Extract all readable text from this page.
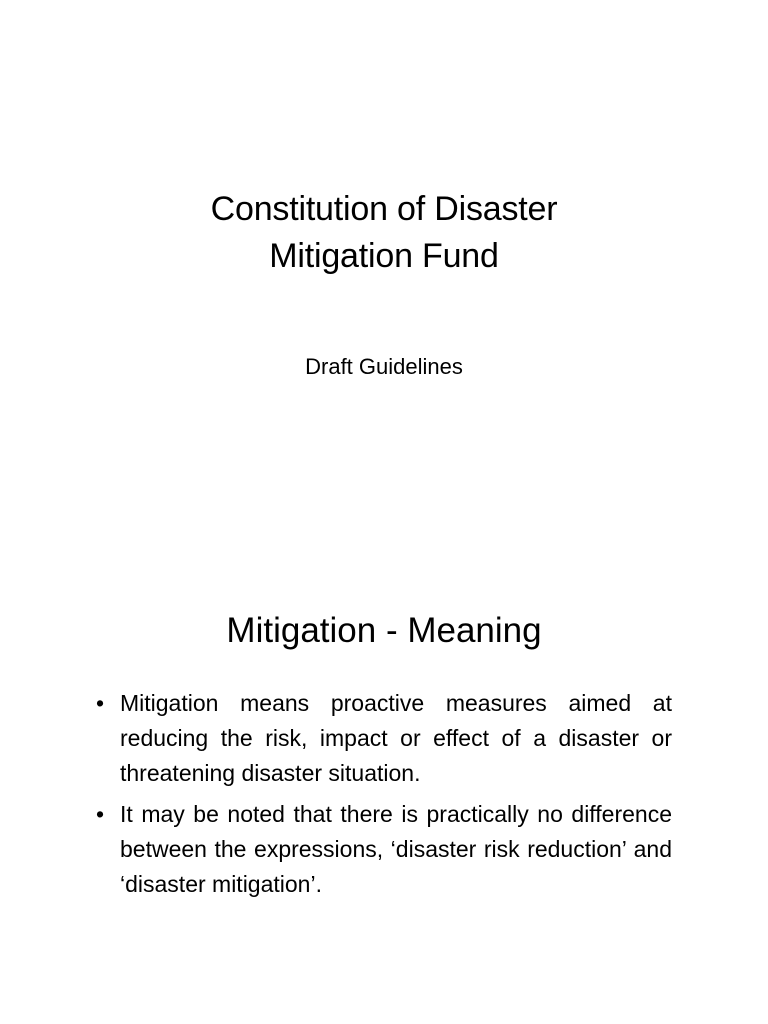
Constitution of Disaster
Mitigation Fund
Draft Guidelines
Mitigation - Meaning
• Mitigation means proactive measures aimed at reducing the risk, impact or effect of a disaster or threatening disaster situation.
• It may be noted that there is practically no difference between the expressions, ‘disaster risk reduction’ and ‘disaster mitigation’.
